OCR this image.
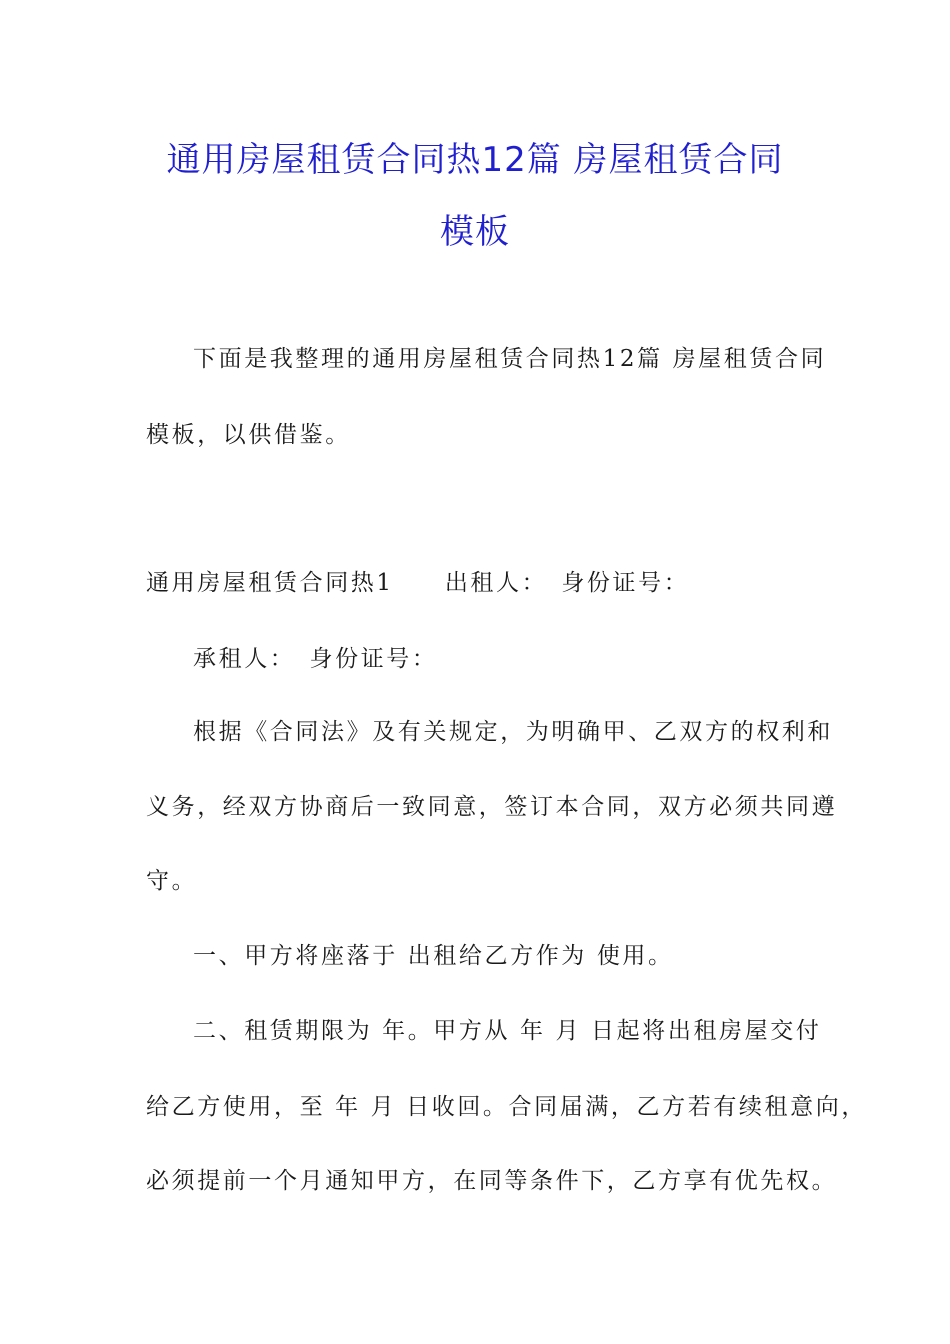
通用房屋租赁合同热12篇 房屋租赁合同
模板
下面是我整理的通用房屋租赁合同热12篇 房屋租赁合同
模板，以供借鉴。
通用房屋租赁合同热1　　出租人：　身份证号：
承租人：　身份证号：
根据《合同法》及有关规定，为明确甲、乙双方的权利和
义务，经双方协商后一致同意，签订本合同，双方必须共同遵
守。
一、甲方将座落于 出租给乙方作为 使用。
二、租赁期限为 年。甲方从 年 月 日起将出租房屋交付
给乙方使用，至 年 月 日收回。合同届满，乙方若有续租意向，
必须提前一个月通知甲方，在同等条件下，乙方享有优先权。
